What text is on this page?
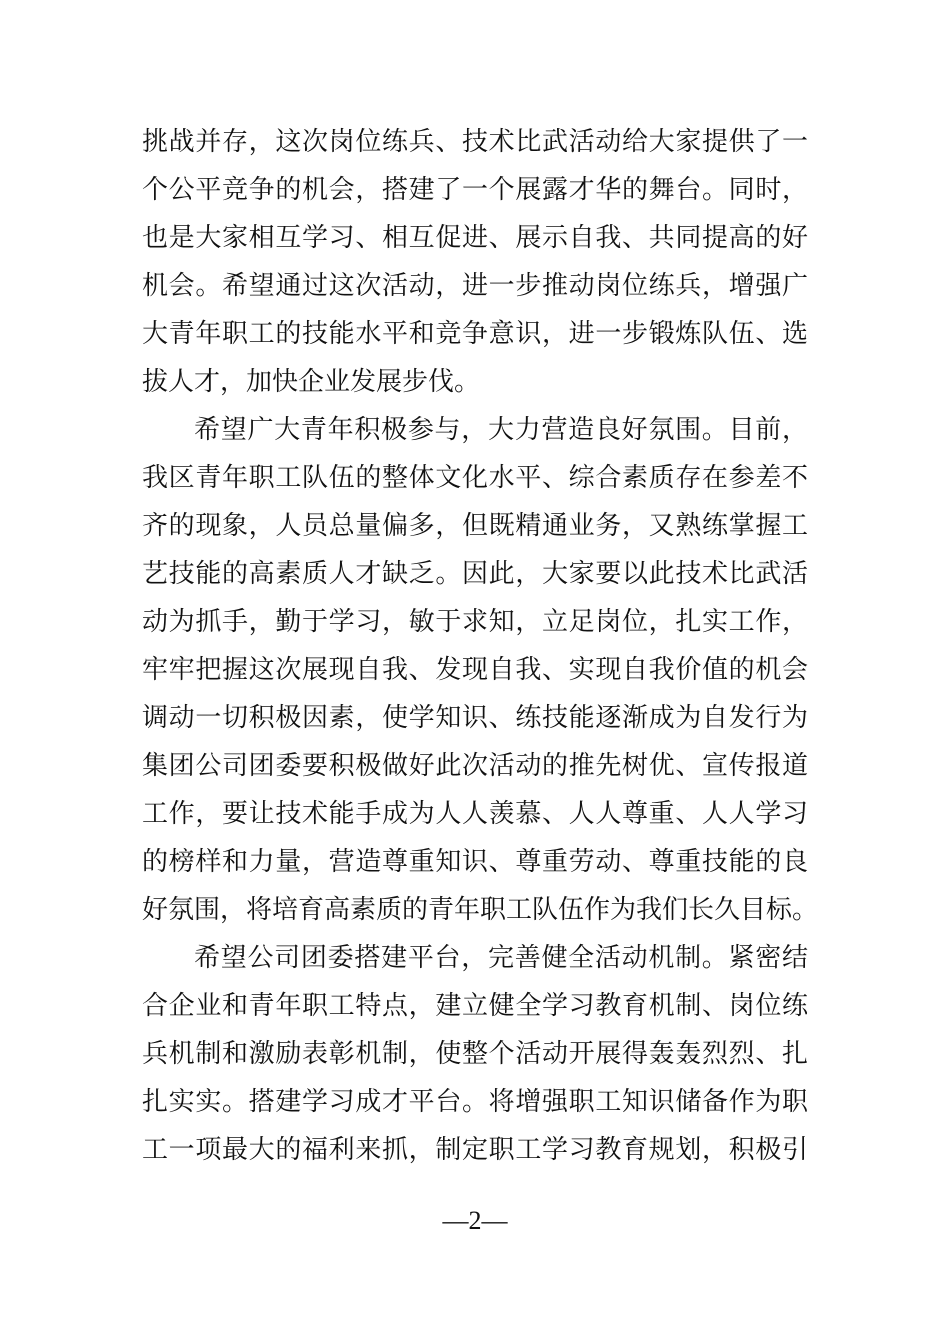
挑战并存，这次岗位练兵、技术比武活动给大家提供了一
个公平竞争的机会，搭建了一个展露才华的舞台。同时，
也是大家相互学习、相互促进、展示自我、共同提高的好
机会。希望通过这次活动，进一步推动岗位练兵，增强广
大青年职工的技能水平和竞争意识，进一步锻炼队伍、选
拔人才，加快企业发展步伐。
希望广大青年积极参与，大力营造良好氛围。目前，
我区青年职工队伍的整体文化水平、综合素质存在参差不
齐的现象，人员总量偏多，但既精通业务，又熟练掌握工
艺技能的高素质人才缺乏。因此，大家要以此技术比武活
动为抓手，勤于学习，敏于求知，立足岗位，扎实工作，
牢牢把握这次展现自我、发现自我、实现自我价值的机会
调动一切积极因素，使学知识、练技能逐渐成为自发行为
集团公司团委要积极做好此次活动的推先树优、宣传报道
工作，要让技术能手成为人人羡慕、人人尊重、人人学习
的榜样和力量，营造尊重知识、尊重劳动、尊重技能的良
好氛围，将培育高素质的青年职工队伍作为我们长久目标。
希望公司团委搭建平台，完善健全活动机制。紧密结
合企业和青年职工特点，建立健全学习教育机制、岗位练
兵机制和激励表彰机制，使整个活动开展得轰轰烈烈、扎
扎实实。搭建学习成才平台。将增强职工知识储备作为职
工一项最大的福利来抓，制定职工学习教育规划，积极引
—2—
